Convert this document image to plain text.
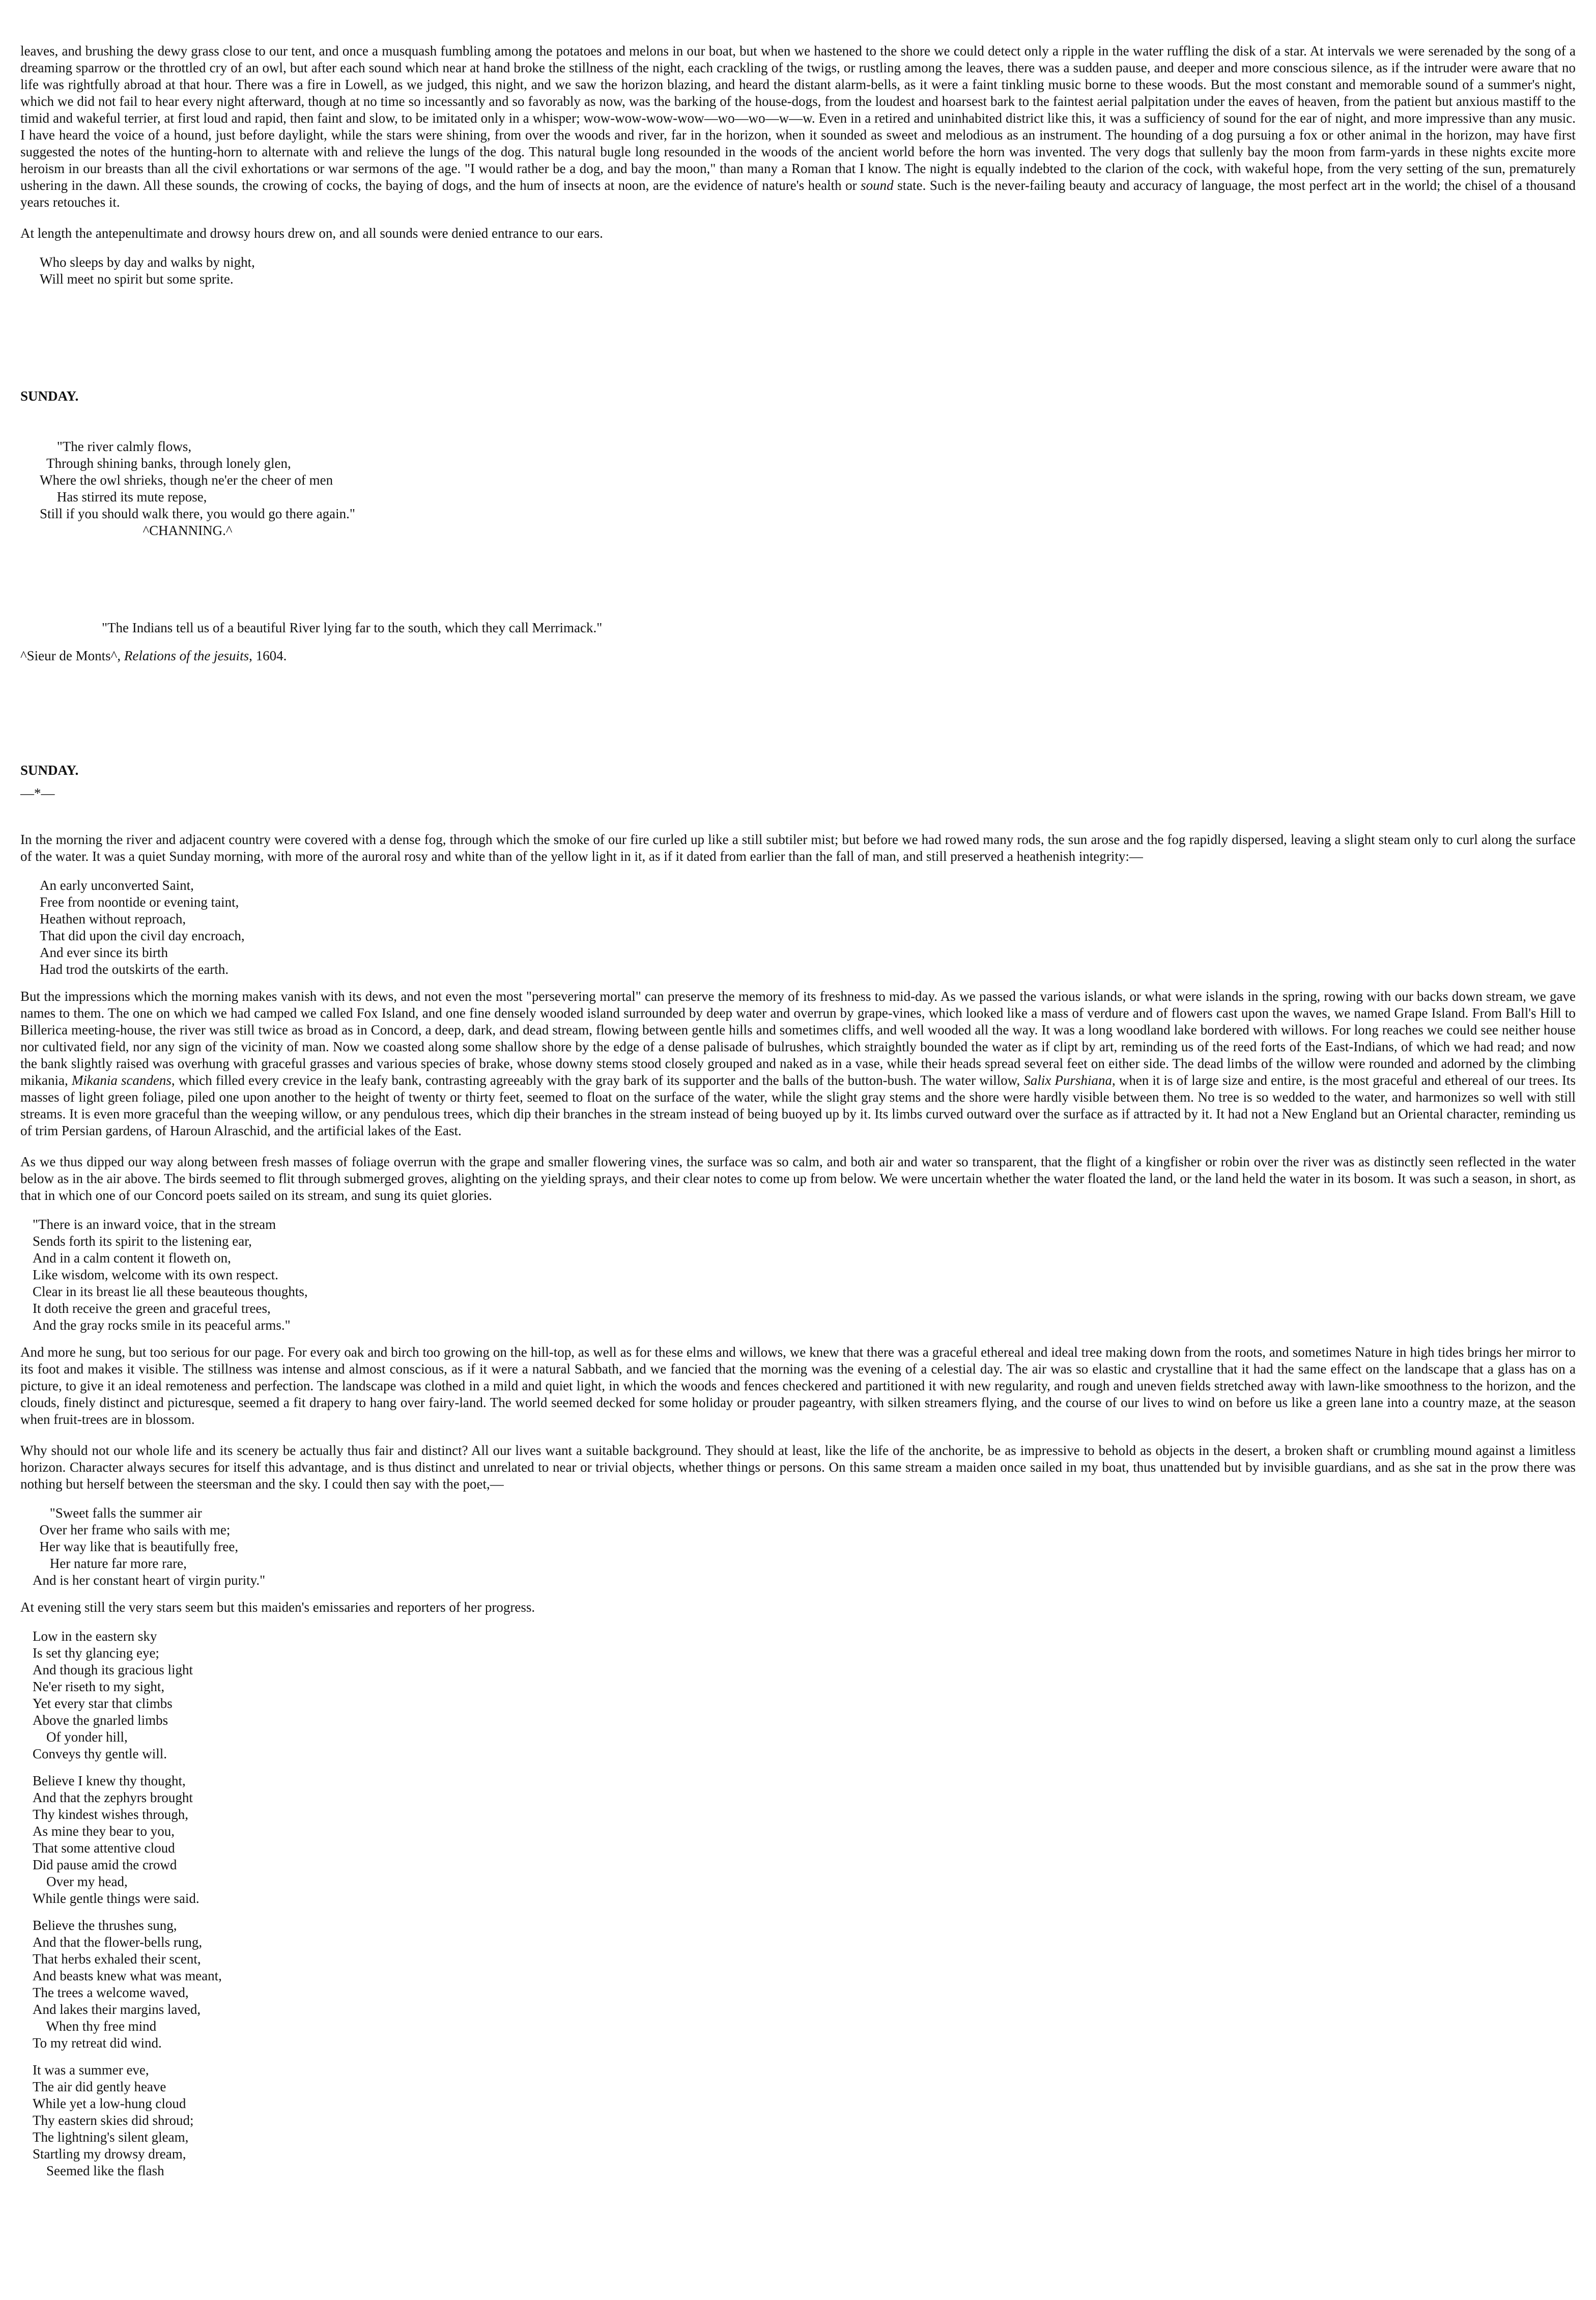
leaves, and brushing the dewy grass close to our tent, and once a musquash fumbling among the potatoes and melons in our boat, but when we hastened to the shore we could detect only a ripple in the water ruffling the disk of a star. At intervals we were serenaded by the song of a dreaming sparrow or the throttled cry of an owl, but after each sound which near at hand broke the stillness of the night, each crackling of the twigs, or rustling among the leaves, there was a sudden pause, and deeper and more conscious silence, as if the intruder were aware that no life was rightfully abroad at that hour. There was a fire in Lowell, as we judged, this night, and we saw the horizon blazing, and heard the distant alarm-bells, as it were a faint tinkling music borne to these woods. But the most constant and memorable sound of a summer's night, which we did not fail to hear every night afterward, though at no time so incessantly and so favorably as now, was the barking of the house-dogs, from the loudest and hoarsest bark to the faintest aerial palpitation under the eaves of heaven, from the patient but anxious mastiff to the timid and wakeful terrier, at first loud and rapid, then faint and slow, to be imitated only in a whisper; wow-wow-wow-wow—wo—wo—w—w. Even in a retired and uninhabited district like this, it was a sufficiency of sound for the ear of night, and more impressive than any music. I have heard the voice of a hound, just before daylight, while the stars were shining, from over the woods and river, far in the horizon, when it sounded as sweet and melodious as an instrument. The hounding of a dog pursuing a fox or other animal in the horizon, may have first suggested the notes of the hunting-horn to alternate with and relieve the lungs of the dog. This natural bugle long resounded in the woods of the ancient world before the horn was invented. The very dogs that sullenly bay the moon from farm-yards in these nights excite more heroism in our breasts than all the civil exhortations or war sermons of the age. "I would rather be a dog, and bay the moon," than many a Roman that I know. The night is equally indebted to the clarion of the cock, with wakeful hope, from the very setting of the sun, prematurely ushering in the dawn. All these sounds, the crowing of cocks, the baying of dogs, and the hum of insects at noon, are the evidence of nature's health or sound state. Such is the never-failing beauty and accuracy of language, the most perfect art in the world; the chisel of a thousand years retouches it.

At length the antepenultimate and drowsy hours drew on, and all sounds were denied entrance to our ears.

Who sleeps by day and walks by night,
Will meet no spirit but some sprite.

SUNDAY.

"The river calmly flows,
Through shining banks, through lonely glen,
Where the owl shrieks, though ne'er the cheer of men
Has stirred its mute repose,
Still if you should walk there, you would go there again."
^CHANNING.^

"The Indians tell us of a beautiful River lying far to the south, which they call Merrimack."

^Sieur de Monts^, Relations of the jesuits, 1604.

SUNDAY.

—*—

In the morning the river and adjacent country were covered with a dense fog, through which the smoke of our fire curled up like a still subtiler mist; but before we had rowed many rods, the sun arose and the fog rapidly dispersed, leaving a slight steam only to curl along the surface of the water. It was a quiet Sunday morning, with more of the auroral rosy and white than of the yellow light in it, as if it dated from earlier than the fall of man, and still preserved a heathenish integrity:—

An early unconverted Saint,
Free from noontide or evening taint,
Heathen without reproach,
That did upon the civil day encroach,
And ever since its birth
Had trod the outskirts of the earth.

But the impressions which the morning makes vanish with its dews, and not even the most "persevering mortal" can preserve the memory of its freshness to mid-day. As we passed the various islands, or what were islands in the spring, rowing with our backs down stream, we gave names to them. The one on which we had camped we called Fox Island, and one fine densely wooded island surrounded by deep water and overrun by grape-vines, which looked like a mass of verdure and of flowers cast upon the waves, we named Grape Island. From Ball's Hill to Billerica meeting-house, the river was still twice as broad as in Concord, a deep, dark, and dead stream, flowing between gentle hills and sometimes cliffs, and well wooded all the way. It was a long woodland lake bordered with willows. For long reaches we could see neither house nor cultivated field, nor any sign of the vicinity of man. Now we coasted along some shallow shore by the edge of a dense palisade of bulrushes, which straightly bounded the water as if clipt by art, reminding us of the reed forts of the East-Indians, of which we had read; and now the bank slightly raised was overhung with graceful grasses and various species of brake, whose downy stems stood closely grouped and naked as in a vase, while their heads spread several feet on either side. The dead limbs of the willow were rounded and adorned by the climbing mikania, Mikania scandens, which filled every crevice in the leafy bank, contrasting agreeably with the gray bark of its supporter and the balls of the button-bush. The water willow, Salix Purshiana, when it is of large size and entire, is the most graceful and ethereal of our trees. Its masses of light green foliage, piled one upon another to the height of twenty or thirty feet, seemed to float on the surface of the water, while the slight gray stems and the shore were hardly visible between them. No tree is so wedded to the water, and harmonizes so well with still streams. It is even more graceful than the weeping willow, or any pendulous trees, which dip their branches in the stream instead of being buoyed up by it. Its limbs curved outward over the surface as if attracted by it. It had not a New England but an Oriental character, reminding us of trim Persian gardens, of Haroun Alraschid, and the artificial lakes of the East.

As we thus dipped our way along between fresh masses of foliage overrun with the grape and smaller flowering vines, the surface was so calm, and both air and water so transparent, that the flight of a kingfisher or robin over the river was as distinctly seen reflected in the water below as in the air above. The birds seemed to flit through submerged groves, alighting on the yielding sprays, and their clear notes to come up from below. We were uncertain whether the water floated the land, or the land held the water in its bosom. It was such a season, in short, as that in which one of our Concord poets sailed on its stream, and sung its quiet glories.

"There is an inward voice, that in the stream
Sends forth its spirit to the listening ear,
And in a calm content it floweth on,
Like wisdom, welcome with its own respect.
Clear in its breast lie all these beauteous thoughts,
It doth receive the green and graceful trees,
And the gray rocks smile in its peaceful arms."

And more he sung, but too serious for our page. For every oak and birch too growing on the hill-top, as well as for these elms and willows, we knew that there was a graceful ethereal and ideal tree making down from the roots, and sometimes Nature in high tides brings her mirror to its foot and makes it visible. The stillness was intense and almost conscious, as if it were a natural Sabbath, and we fancied that the morning was the evening of a celestial day. The air was so elastic and crystalline that it had the same effect on the landscape that a glass has on a picture, to give it an ideal remoteness and perfection. The landscape was clothed in a mild and quiet light, in which the woods and fences checkered and partitioned it with new regularity, and rough and uneven fields stretched away with lawn-like smoothness to the horizon, and the clouds, finely distinct and picturesque, seemed a fit drapery to hang over fairy-land. The world seemed decked for some holiday or prouder pageantry, with silken streamers flying, and the course of our lives to wind on before us like a green lane into a country maze, at the season when fruit-trees are in blossom.

Why should not our whole life and its scenery be actually thus fair and distinct? All our lives want a suitable background. They should at least, like the life of the anchorite, be as impressive to behold as objects in the desert, a broken shaft or crumbling mound against a limitless horizon. Character always secures for itself this advantage, and is thus distinct and unrelated to near or trivial objects, whether things or persons. On this same stream a maiden once sailed in my boat, thus unattended but by invisible guardians, and as she sat in the prow there was nothing but herself between the steersman and the sky. I could then say with the poet,—

"Sweet falls the summer air
Over her frame who sails with me;
Her way like that is beautifully free,
Her nature far more rare,
And is her constant heart of virgin purity."

At evening still the very stars seem but this maiden's emissaries and reporters of her progress.

Low in the eastern sky
Is set thy glancing eye;
And though its gracious light
Ne'er riseth to my sight,
Yet every star that climbs
Above the gnarled limbs
Of yonder hill,
Conveys thy gentle will.
Believe I knew thy thought,
And that the zephyrs brought
Thy kindest wishes through,
As mine they bear to you,
That some attentive cloud
Did pause amid the crowd
Over my head,
While gentle things were said.
Believe the thrushes sung,
And that the flower-bells rung,
That herbs exhaled their scent,
And beasts knew what was meant,
The trees a welcome waved,
And lakes their margins laved,
When thy free mind
To my retreat did wind.
It was a summer eve,
The air did gently heave
While yet a low-hung cloud
Thy eastern skies did shroud;
The lightning's silent gleam,
Startling my drowsy dream,
Seemed like the flash
